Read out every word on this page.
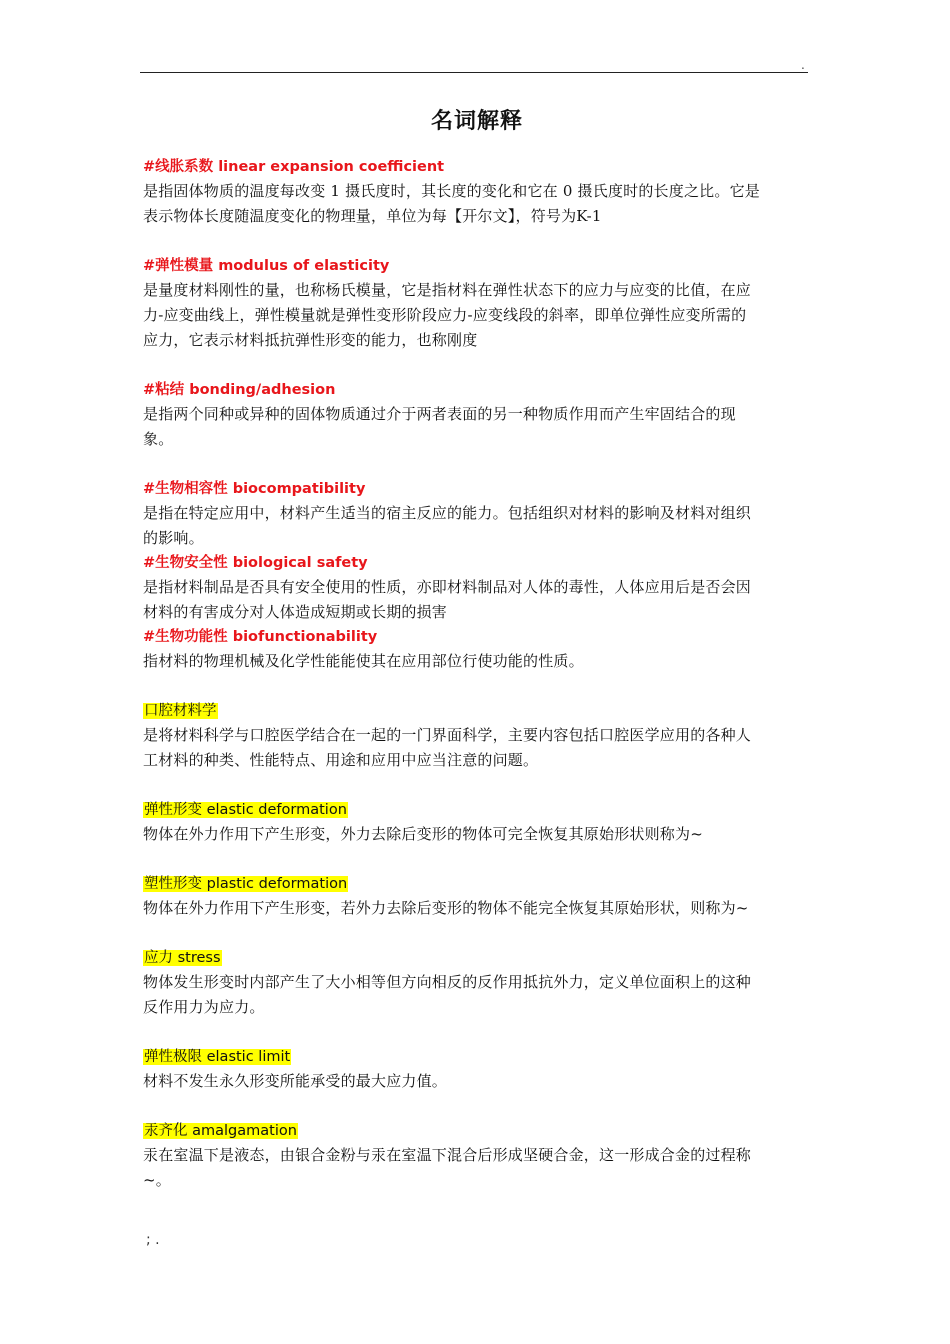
.
名词解释

#线胀系数 linear expansion coefficient

是指固体物质的温度每改变 1 摄氏度时，其长度的变化和它在 0 摄氏度时的长度之比。它是

表示物体长度随温度变化的物理量，单位为每【开尔文】，符号为K-1

#弹性模量 modulus of elasticity

是量度材料刚性的量，也称杨氏模量，它是指材料在弹性状态下的应力与应变的比值，在应

力-应变曲线上，弹性模量就是弹性变形阶段应力-应变线段的斜率，即单位弹性应变所需的

应力，它表示材料抵抗弹性形变的能力，也称刚度

#粘结 bonding/adhesion

是指两个同种或异种的固体物质通过介于两者表面的另一种物质作用而产生牢固结合的现

象。

#生物相容性 biocompatibility

是指在特定应用中，材料产生适当的宿主反应的能力。包括组织对材料的影响及材料对组织

的影响。

#生物安全性 biological safety

是指材料制品是否具有安全使用的性质，亦即材料制品对人体的毒性，人体应用后是否会因

材料的有害成分对人体造成短期或长期的损害

#生物功能性 biofunctionability

指材料的物理机械及化学性能能使其在应用部位行使功能的性质。

口腔材料学

是将材料科学与口腔医学结合在一起的一门界面科学，主要内容包括口腔医学应用的各种人

工材料的种类、性能特点、用途和应用中应当注意的问题。

弹性形变 elastic deformation

物体在外力作用下产生形变，外力去除后变形的物体可完全恢复其原始形状则称为~

塑性形变 plastic deformation

物体在外力作用下产生形变，若外力去除后变形的物体不能完全恢复其原始形状，则称为~

应力 stress

物体发生形变时内部产生了大小相等但方向相反的反作用抵抗外力，定义单位面积上的这种

反作用力为应力。

弹性极限 elastic limit

材料不发生永久形变所能承受的最大应力值。

汞齐化 amalgamation

汞在室温下是液态，由银合金粉与汞在室温下混合后形成坚硬合金，这一形成合金的过程称

~。

; .
